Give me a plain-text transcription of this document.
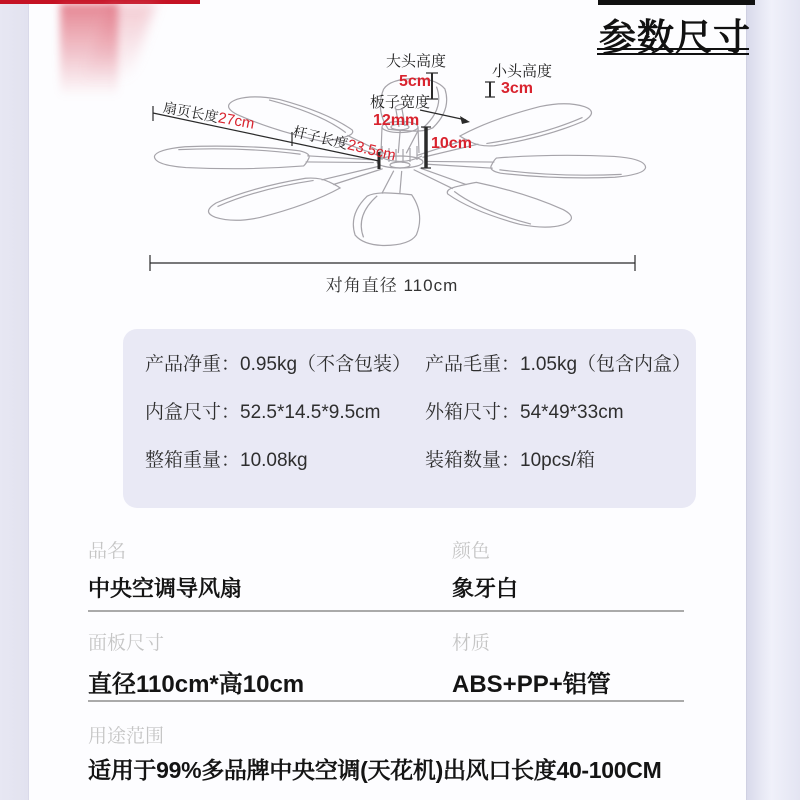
参数尺寸
大头高度
5cm
板子宽度
12mm
小头高度
3cm
10cm
扇页长度27cm
杆子长度23.5cm
对角直径 110cm
产品净重：0.95kg（不含包装） 产品毛重：1.05kg（包含内盒）
内盒尺寸：52.5*14.5*9.5cm 外箱尺寸：54*49*33cm
整箱重量：10.08kg	装箱数量：10pcs/箱
品名
中央空调导风扇
颜色
象牙白
面板尺寸
直径110cm*高10cm
材质
ABS+PP+铝管
用途范围
适用于99%多品牌中央空调(天花机)出风口长度40-100CM
